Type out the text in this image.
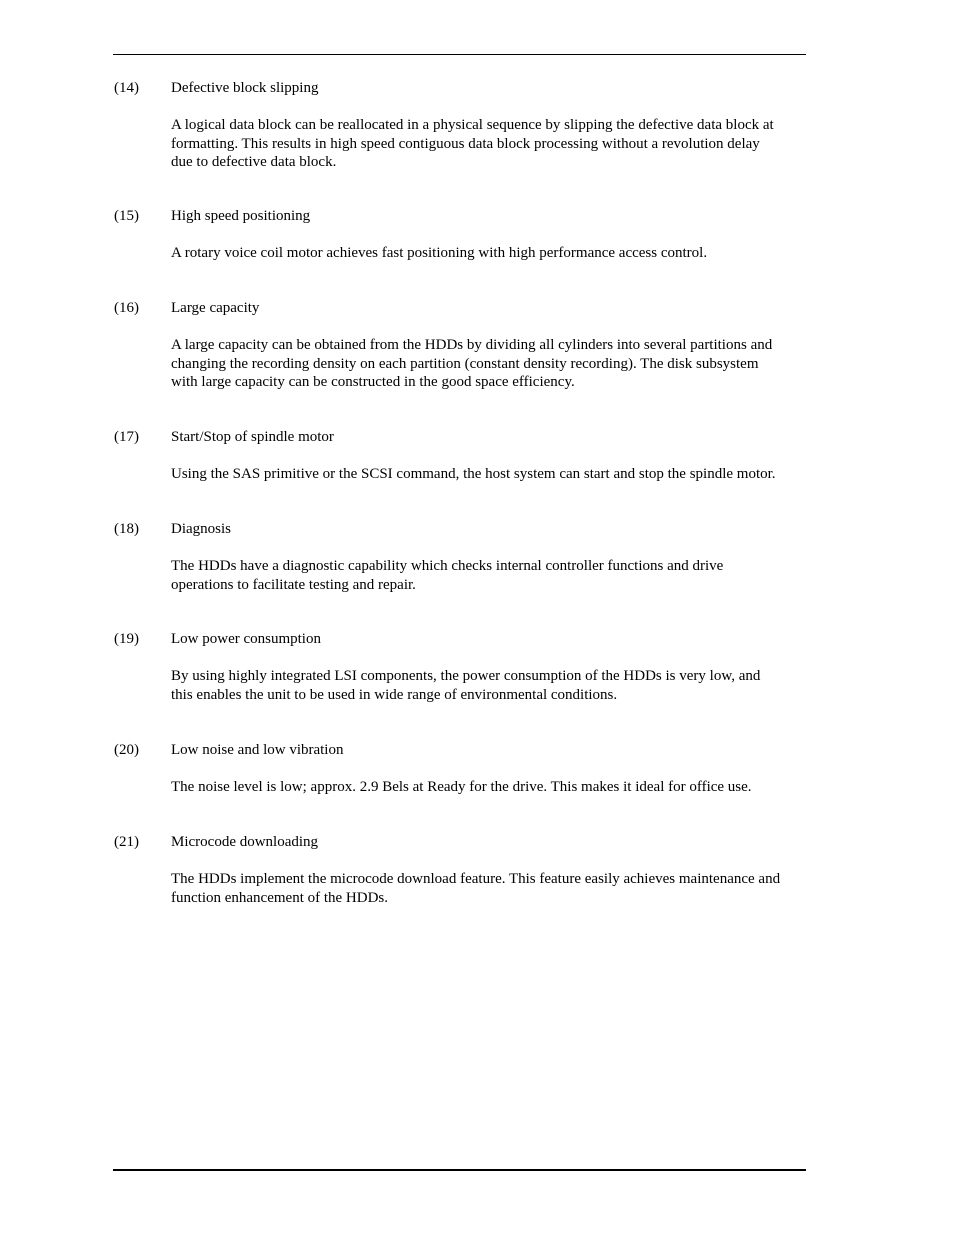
(14) Defective block slipping
A logical data block can be reallocated in a physical sequence by slipping the defective data block at
formatting. This results in high speed contiguous data block processing without a revolution delay
due to defective data block.
(15) High speed positioning
A rotary voice coil motor achieves fast positioning with high performance access control.
(16) Large capacity
A large capacity can be obtained from the HDDs by dividing all cylinders into several partitions and
changing the recording density on each partition (constant density recording). The disk subsystem
with large capacity can be constructed in the good space efficiency.
(17) Start/Stop of spindle motor
Using the SAS primitive or the SCSI command, the host system can start and stop the spindle motor.
(18) Diagnosis
The HDDs have a diagnostic capability which checks internal controller functions and drive
operations to facilitate testing and repair.
(19) Low power consumption
By using highly integrated LSI components, the power consumption of the HDDs is very low, and
this enables the unit to be used in wide range of environmental conditions.
(20) Low noise and low vibration
The noise level is low; approx. 2.9 Bels at Ready for the drive. This makes it ideal for office use.
(21) Microcode downloading
The HDDs implement the microcode download feature. This feature easily achieves maintenance and
function enhancement of the HDDs.
